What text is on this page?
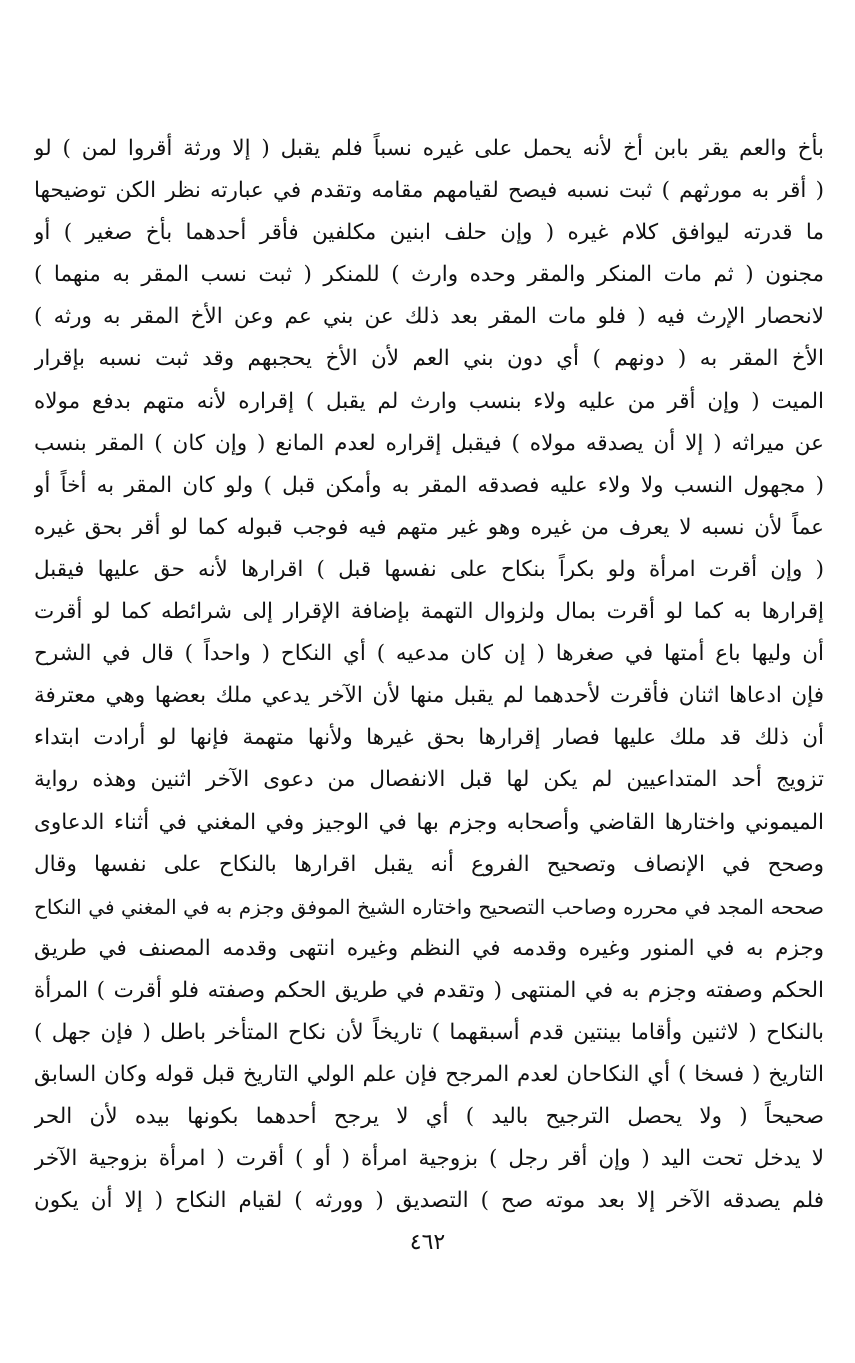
بأخ والعم يقر بابن أخ لأنه يحمل على غيره نسباً فلم يقبل ( إلا ورثة أقروا لمن ) لو
( أقر به مورثهم ) ثبت نسبه فيصح لقيامهم مقامه وتقدم في عبارته نظر الكن توضيحها
ما قدرته ليوافق كلام غيره ( وإن حلف ابنين مكلفين فأقر أحدهما بأخ صغير ) أو
مجنون ( ثم مات المنكر والمقر وحده وارث ) للمنكر ( ثبت نسب المقر به منهما )
لانحصار الإرث فيه ( فلو مات المقر بعد ذلك عن بني عم وعن الأخ المقر به ورثه )
الأخ المقر به ( دونهم ) أي دون بني العم لأن الأخ يحجبهم وقد ثبت نسبه بإقرار
الميت ( وإن أقر من عليه ولاء بنسب وارث لم يقبل ) إقراره لأنه متهم بدفع مولاه
عن ميراثه ( إلا أن يصدقه مولاه ) فيقبل إقراره لعدم المانع ( وإن كان ) المقر بنسب
( مجهول النسب ولا ولاء عليه فصدقه المقر به وأمكن قبل ) ولو كان المقر به أخاً أو
عماً لأن نسبه لا يعرف من غيره وهو غير متهم فيه فوجب قبوله كما لو أقر بحق غيره
( وإن أقرت امرأة ولو بكراً بنكاح على نفسها قبل ) اقرارها لأنه حق عليها فيقبل
إقرارها به كما لو أقرت بمال ولزوال التهمة بإضافة الإقرار إلى شرائطه كما لو أقرت
أن وليها باع أمتها في صغرها ( إن كان مدعيه ) أي النكاح ( واحداً ) قال في الشرح
فإن ادعاها اثنان فأقرت لأحدهما لم يقبل منها لأن الآخر يدعي ملك بعضها وهي معترفة
أن ذلك قد ملك عليها فصار إقرارها بحق غيرها ولأنها متهمة فإنها لو أرادت ابتداء
تزويج أحد المتداعيين لم يكن لها قبل الانفصال من دعوى الآخر اثنين وهذه رواية
الميموني واختارها القاضي وأصحابه وجزم بها في الوجيز وفي المغني في أثناء الدعاوى
وصحح في الإنصاف وتصحيح الفروع أنه يقبل اقرارها بالنكاح على نفسها وقال
صححه المجد في محرره وصاحب التصحيح واختاره الشيخ الموفق وجزم به في المغني في النكاح
وجزم به في المنور وغيره وقدمه في النظم وغيره انتهى وقدمه المصنف في طريق
الحكم وصفته وجزم به في المنتهى ( وتقدم في طريق الحكم وصفته فلو أقرت ) المرأة
بالنكاح ( لاثنين وأقاما بينتين قدم أسبقهما ) تاريخاً لأن نكاح المتأخر باطل ( فإن جهل )
التاريخ ( فسخا ) أي النكاحان لعدم المرجح فإن علم الولي التاريخ قبل قوله وكان السابق
صحيحاً ( ولا يحصل الترجيح باليد ) أي لا يرجح أحدهما بكونها بيده لأن الحر
لا يدخل تحت اليد ( وإن أقر رجل ) بزوجية امرأة ( أو ) أقرت ( امرأة بزوجية الآخر
فلم يصدقه الآخر إلا بعد موته صح ) التصديق ( وورثه ) لقيام النكاح ( إلا أن يكون
٤٦٢
